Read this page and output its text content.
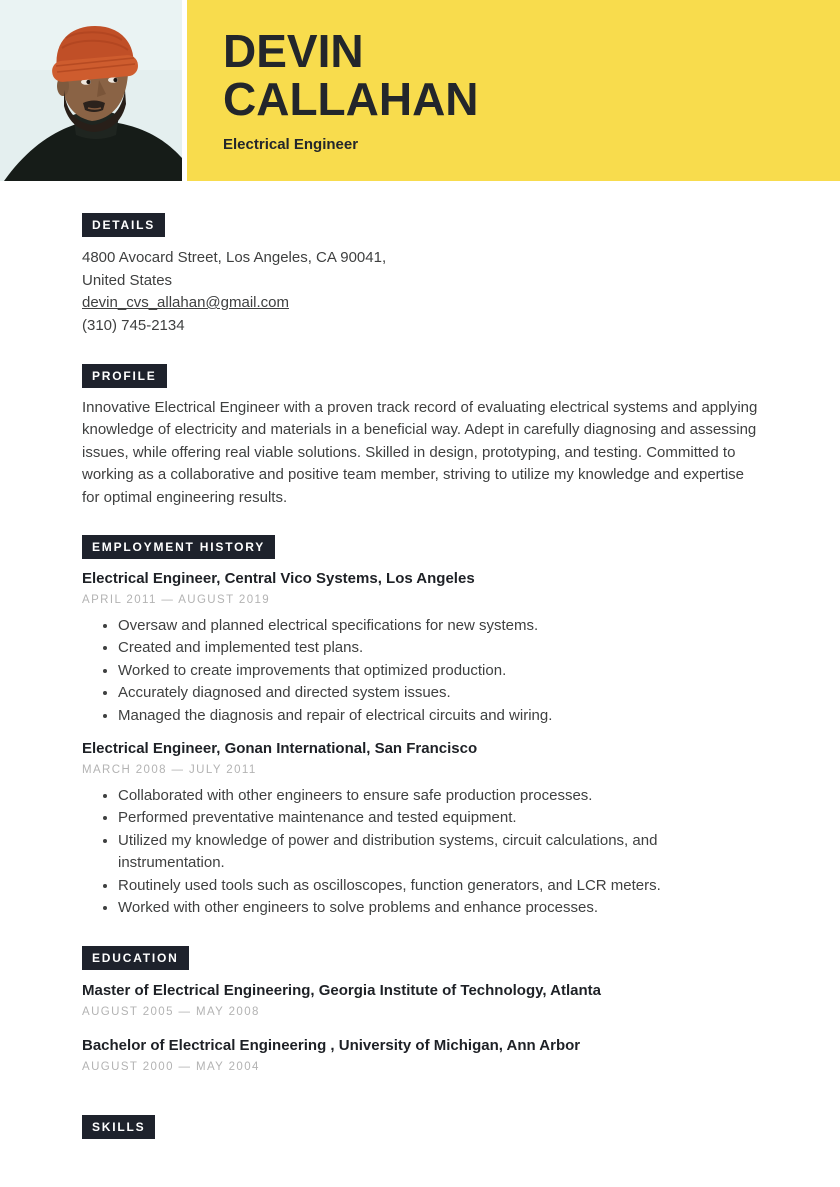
DEVIN
CALLAHAN
Electrical Engineer
DETAILS
4800 Avocard Street, Los Angeles, CA 90041,
United States
devin_cvs_allahan@gmail.com
(310) 745-2134
PROFILE

Innovative Electrical Engineer with a proven track record of evaluating electrical systems and applying knowledge of electricity and materials in a beneficial way. Adept in carefully diagnosing and assessing issues, while offering real viable solutions. Skilled in design, prototyping, and testing. Committed to working as a collaborative and positive team member, striving to utilize my knowledge and expertise for optimal engineering results.

EMPLOYMENT HISTORY
Electrical Engineer, Central Vico Systems, Los Angeles
APRIL 2011 — AUGUST 2019
• Oversaw and planned electrical specifications for new systems.
• Created and implemented test plans.
• Worked to create improvements that optimized production.
• Accurately diagnosed and directed system issues.
• Managed the diagnosis and repair of electrical circuits and wiring.
Electrical Engineer, Gonan International, San Francisco
MARCH 2008 — JULY 2011
• Collaborated with other engineers to ensure safe production processes.
• Performed preventative maintenance and tested equipment.
• Utilized my knowledge of power and distribution systems, circuit calculations, and instrumentation.
• Routinely used tools such as oscilloscopes, function generators, and LCR meters.
• Worked with other engineers to solve problems and enhance processes.
EDUCATION
Master of Electrical Engineering, Georgia Institute of Technology, Atlanta
AUGUST 2005 — MAY 2008
Bachelor of Electrical Engineering , University of Michigan, Ann Arbor
AUGUST 2000 — MAY 2004
SKILLS
